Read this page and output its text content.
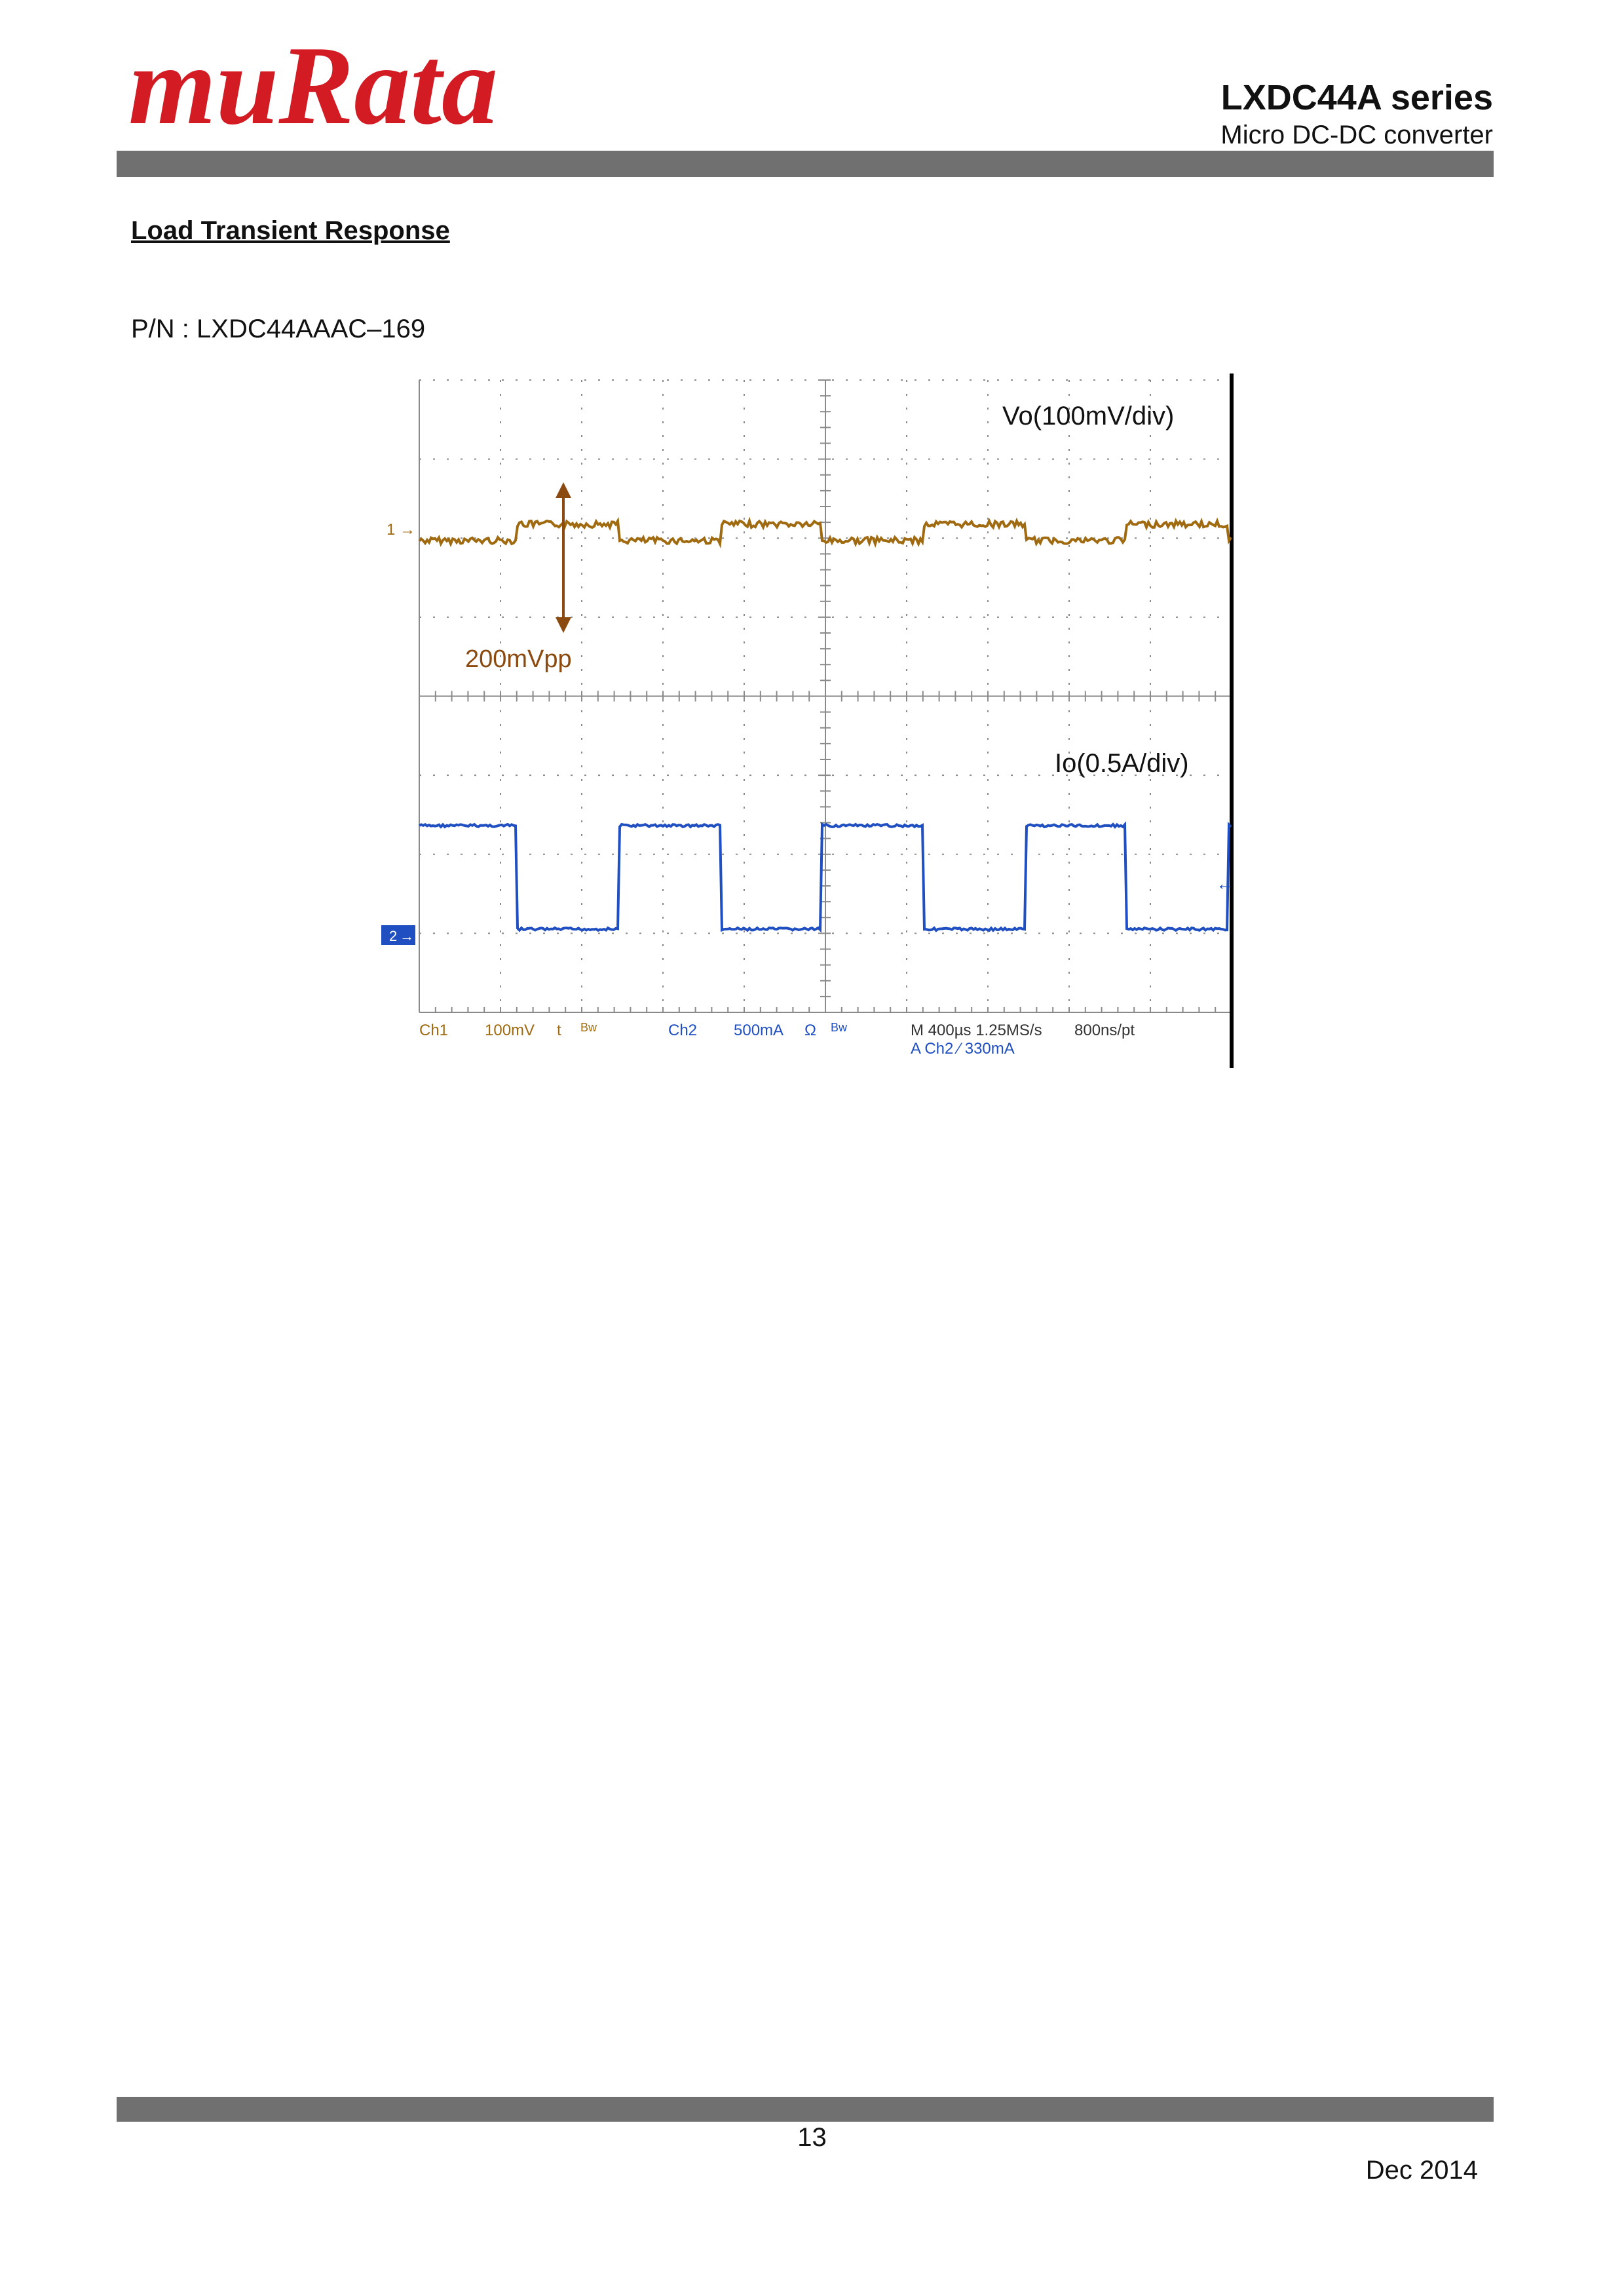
muRata	LXDC44A series
Micro DC-DC converter
Load Transient Response
P/N : LXDC44AAAC–169
1 →
2 →
←
200mVpp
Vo(100mV/div)
Io(0.5A/div)
Ch1 100mV t Bw	Ch2 500mA Ω Bw	M 400µs 1.25MS/s 800ns/pt
A Ch2 ⁄ 330mA
13
Dec 2014
